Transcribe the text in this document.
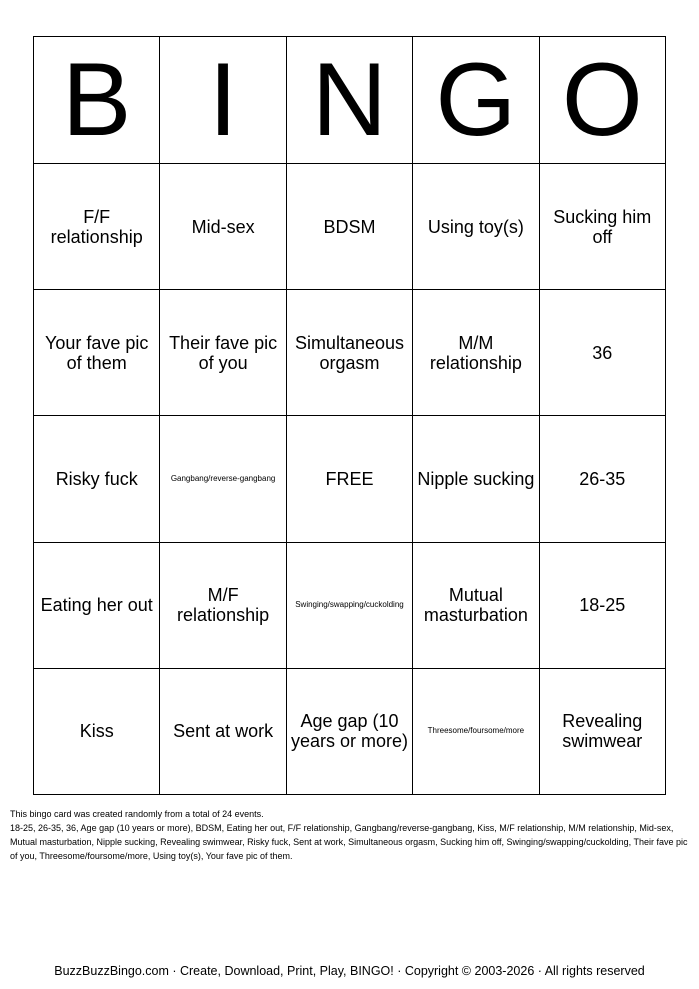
B	I	N	G	O
F/F relationship	Mid-sex	BDSM	Using toy(s)	Sucking him off
Your fave pic of them	Their fave pic of you	Simultaneous orgasm	M/M relationship	36
Risky fuck	Gangbang/reverse-gangbang	FREE	Nipple sucking	26-35
Eating her out	M/F relationship	Swinging/swapping/cuckolding	Mutual masturbation	18-25
Kiss	Sent at work	Age gap (10 years or more)	Threesome/foursome/more	Revealing swimwear
This bingo card was created randomly from a total of 24 events.
18-25, 26-35, 36, Age gap (10 years or more), BDSM, Eating her out, F/F relationship, Gangbang/reverse-gangbang, Kiss, M/F relationship, M/M relationship, Mid-sex, Mutual masturbation, Nipple sucking, Revealing swimwear, Risky fuck, Sent at work, Simultaneous orgasm, Sucking him off, Swinging/swapping/cuckolding, Their fave pic of you, Threesome/foursome/more, Using toy(s), Your fave pic of them.
BuzzBuzzBingo.com · Create, Download, Print, Play, BINGO! · Copyright © 2003-2026 · All rights reserved
